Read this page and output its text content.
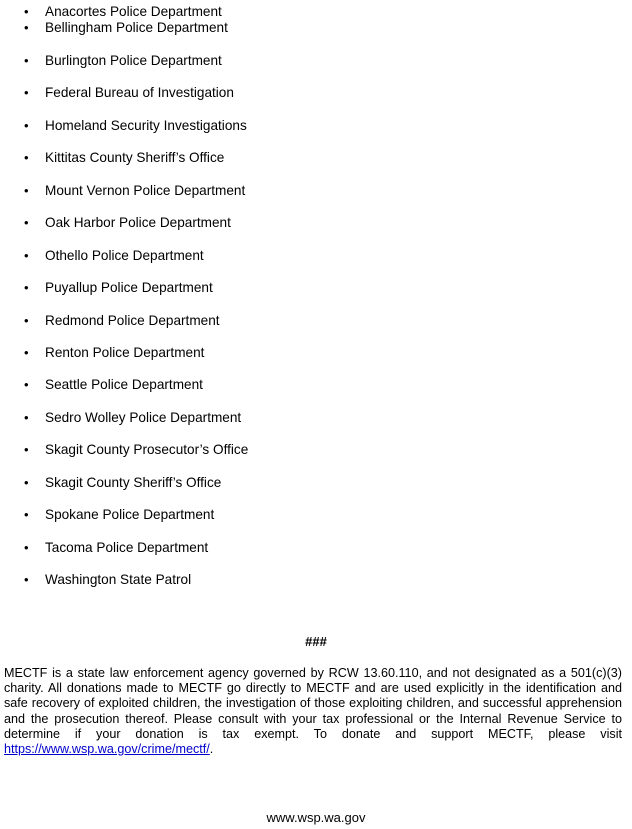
• Anacortes Police Department
• Bellingham Police Department
• Burlington Police Department
• Federal Bureau of Investigation
• Homeland Security Investigations
• Kittitas County Sheriff’s Office
• Mount Vernon Police Department
• Oak Harbor Police Department
• Othello Police Department
• Puyallup Police Department
• Redmond Police Department
• Renton Police Department
• Seattle Police Department
• Sedro Wolley Police Department
• Skagit County Prosecutor’s Office
• Skagit County Sheriff’s Office
• Spokane Police Department
• Tacoma Police Department
• Washington State Patrol
###

MECTF is a state law enforcement agency governed by RCW 13.60.110, and not designated as a 501(c)(3) charity. All donations made to MECTF go directly to MECTF and are used explicitly in the identification and safe recovery of exploited children, the investigation of those exploiting children, and successful apprehension and the prosecution thereof. Please consult with your tax professional or the Internal Revenue Service to determine if your donation is tax exempt. To donate and support MECTF, please visit https://www.wsp.wa.gov/crime/mectf/.

www.wsp.wa.gov
